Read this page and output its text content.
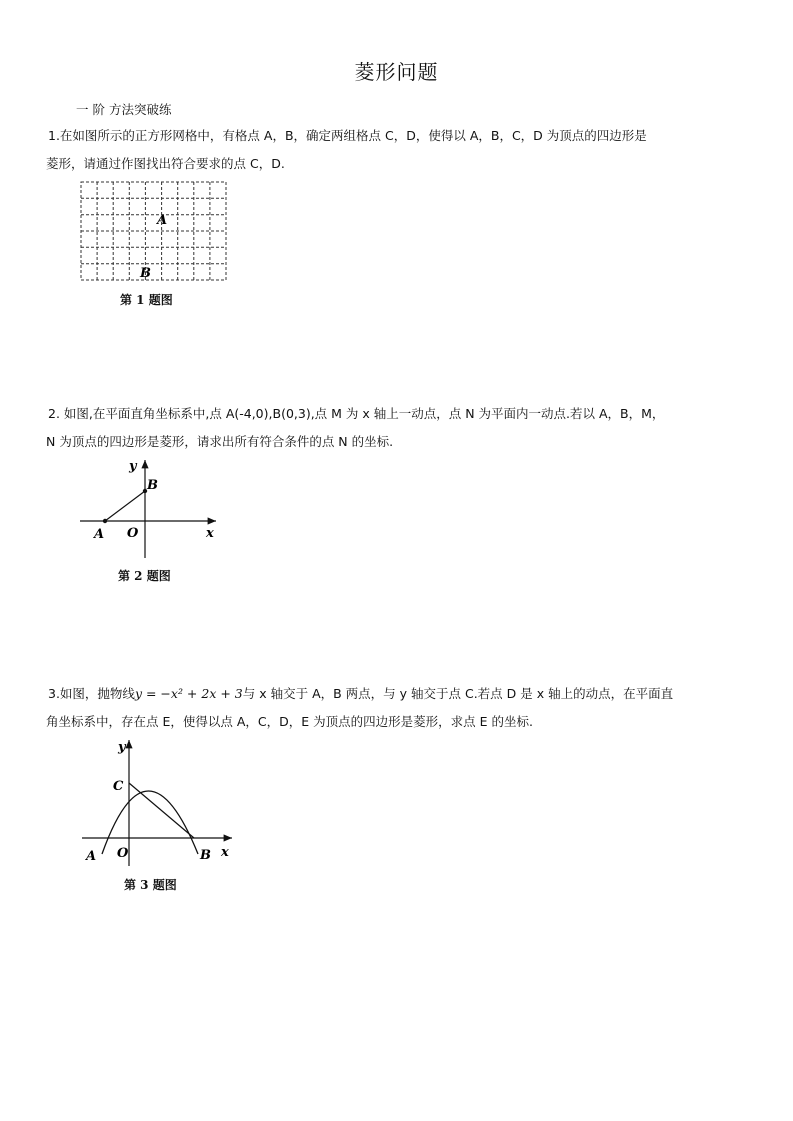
菱形问题
一 阶 方法突破练
1.在如图所示的正方形网格中，有格点 A，B，确定两组格点 C，D，使得以 A，B，C，D 为顶点的四边形是
菱形，请通过作图找出符合要求的点 C，D.
A
B
第 1 题图
2. 如图,在平面直角坐标系中,点 A(-4,0),B(0,3),点 M 为 x 轴上一动点，点 N 为平面内一动点.若以 A，B，M，
N 为顶点的四边形是菱形，请求出所有符合条件的点 N 的坐标.
y
x
A O
B
第 2 题图
3.如图，抛物线y = −x² + 2x + 3与 x 轴交于 A，B 两点，与 y 轴交于点 C.若点 D 是 x 轴上的动点，在平面直
角坐标系中，存在点 E，使得以点 A，C，D，E 为顶点的四边形是菱形，求点 E 的坐标.
y
x
A O	B
C
第 3 题图
